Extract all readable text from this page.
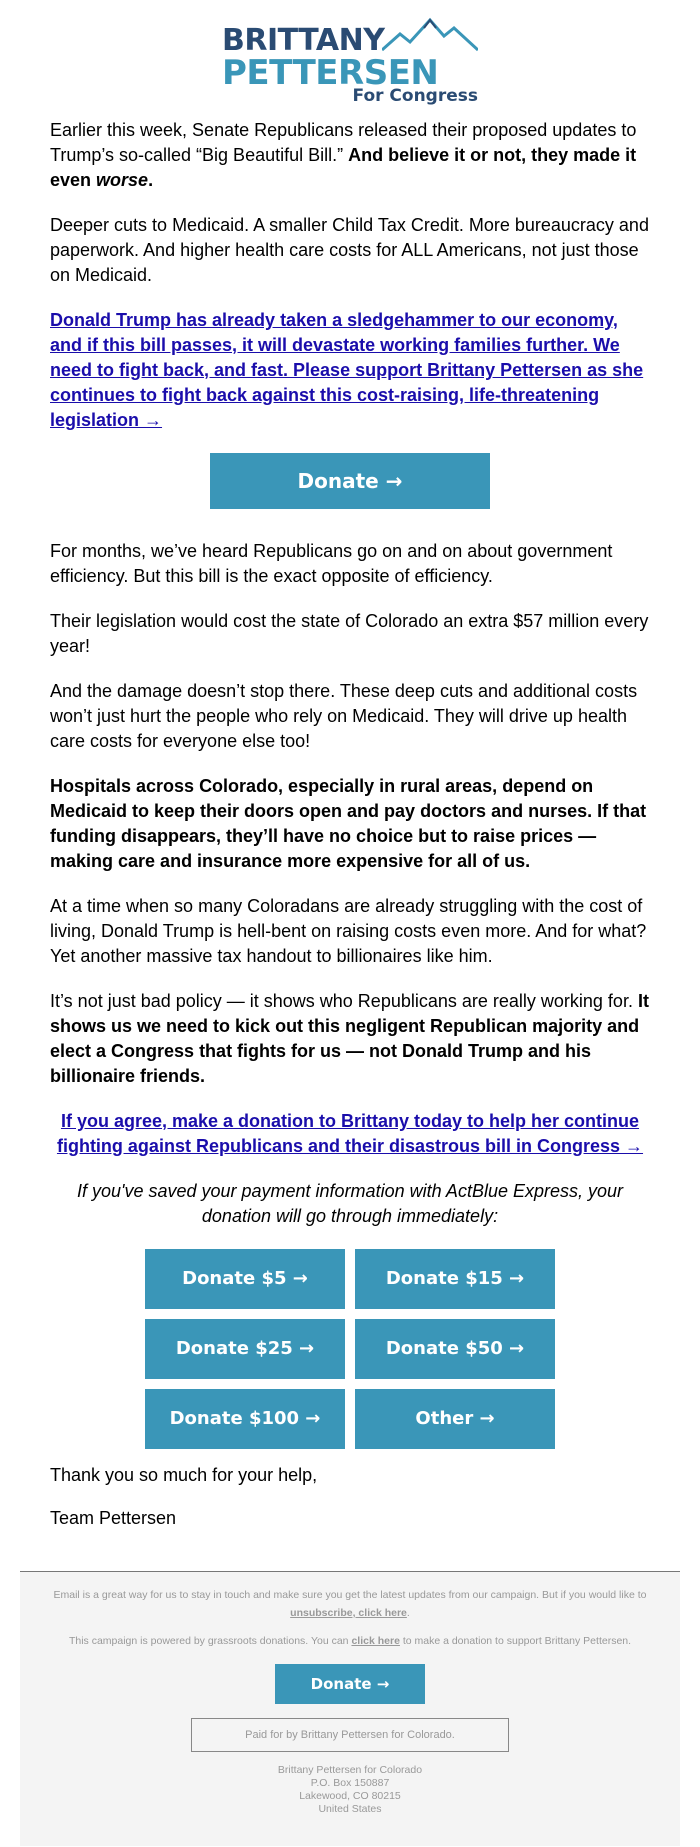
BRITTANY
PETTERSEN
For Congress

Earlier this week, Senate Republicans released their proposed updates to Trump’s so-called “Big Beautiful Bill.” And believe it or not, they made it even worse.

Deeper cuts to Medicaid. A smaller Child Tax Credit. More bureaucracy and paperwork. And higher health care costs for ALL Americans, not just those on Medicaid.

Donald Trump has already taken a sledgehammer to our economy, and if this bill passes, it will devastate working families further. We need to fight back, and fast. Please support Brittany Pettersen as she continues to fight back against this cost-raising, life-threatening legislation →

Donate →

For months, we’ve heard Republicans go on and on about government efficiency. But this bill is the exact opposite of efficiency.

Their legislation would cost the state of Colorado an extra $57 million every year!

And the damage doesn’t stop there. These deep cuts and additional costs won’t just hurt the people who rely on Medicaid. They will drive up health care costs for everyone else too!

Hospitals across Colorado, especially in rural areas, depend on Medicaid to keep their doors open and pay doctors and nurses. If that funding disappears, they’ll have no choice but to raise prices — making care and insurance more expensive for all of us.

At a time when so many Coloradans are already struggling with the cost of living, Donald Trump is hell-bent on raising costs even more. And for what? Yet another massive tax handout to billionaires like him.

It’s not just bad policy — it shows who Republicans are really working for. It shows us we need to kick out this negligent Republican majority and elect a Congress that fights for us — not Donald Trump and his billionaire friends.

If you agree, make a donation to Brittany today to help her continue fighting against Republicans and their disastrous bill in Congress →

If you've saved your payment information with ActBlue Express, your donation will go through immediately:

Donate $5 →	Donate $15 →
Donate $25 →	Donate $50 →
Donate $100 →	Other →

Thank you so much for your help,

Team Pettersen

Email is a great way for us to stay in touch and make sure you get the latest updates from our campaign. But if you would like to unsubscribe, click here.

This campaign is powered by grassroots donations. You can click here to make a donation to support Brittany Pettersen.

Donate →
Paid for by Brittany Pettersen for Colorado.
Brittany Pettersen for Colorado
P.O. Box 150887
Lakewood, CO 80215
United States
